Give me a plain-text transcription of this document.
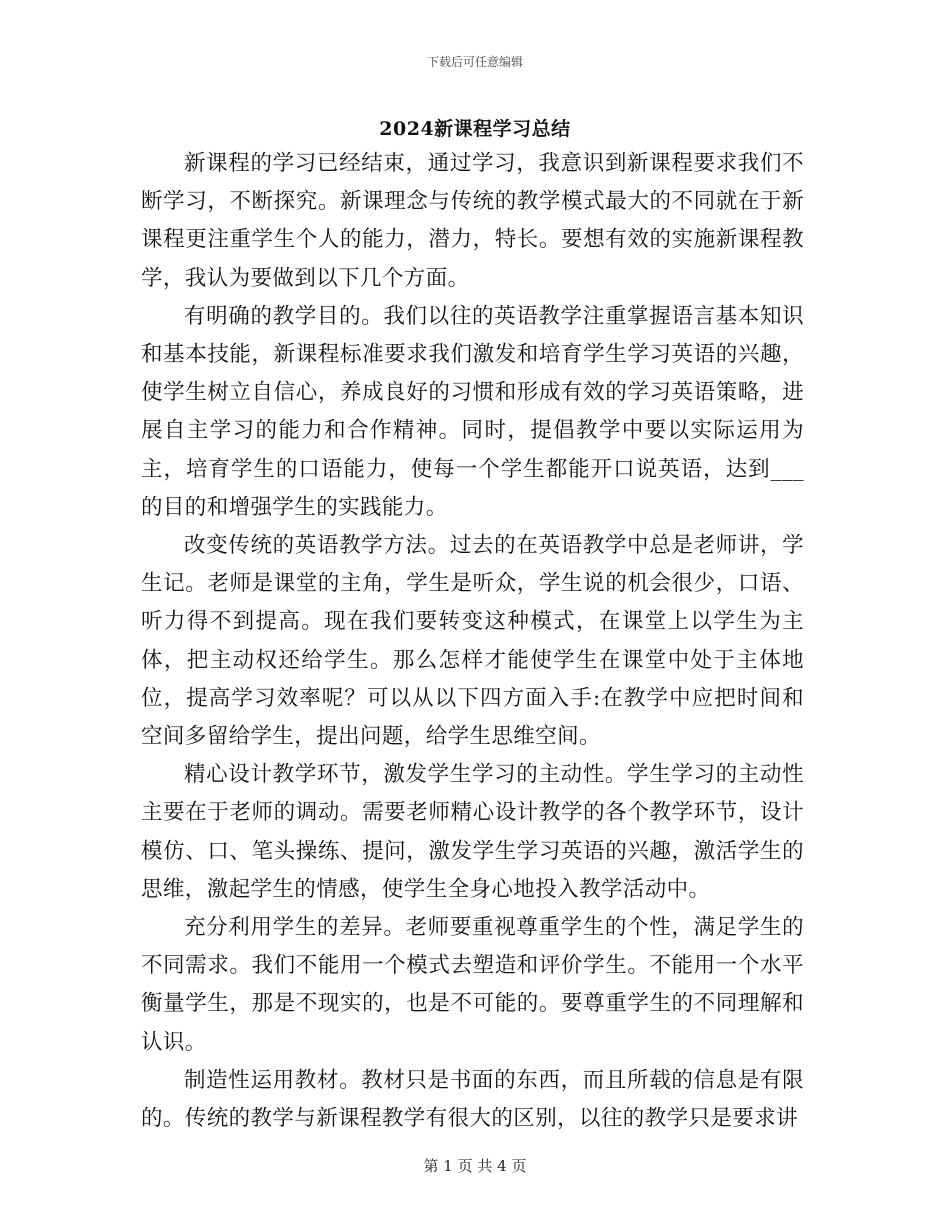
下载后可任意编辑
2024新课程学习总结

新课程的学习已经结束，通过学习，我意识到新课程要求我们不断学习，不断探究。新课理念与传统的教学模式最大的不同就在于新课程更注重学生个人的能力，潜力，特长。要想有效的实施新课程教学，我认为要做到以下几个方面。

有明确的教学目的。我们以往的英语教学注重掌握语言基本知识和基本技能，新课程标准要求我们激发和培育学生学习英语的兴趣，使学生树立自信心，养成良好的习惯和形成有效的学习英语策略，进展自主学习的能力和合作精神。同时，提倡教学中要以实际运用为主，培育学生的口语能力，使每一个学生都能开口说英语，达到___的目的和增强学生的实践能力。

改变传统的英语教学方法。过去的在英语教学中总是老师讲，学生记。老师是课堂的主角，学生是听众，学生说的机会很少，口语、听力得不到提高。现在我们要转变这种模式，在课堂上以学生为主体，把主动权还给学生。那么怎样才能使学生在课堂中处于主体地位，提高学习效率呢？可以从以下四方面入手:在教学中应把时间和空间多留给学生，提出问题，给学生思维空间。

精心设计教学环节，激发学生学习的主动性。学生学习的主动性主要在于老师的调动。需要老师精心设计教学的各个教学环节，设计模仿、口、笔头操练、提问，激发学生学习英语的兴趣，激活学生的思维，激起学生的情感，使学生全身心地投入教学活动中。

充分利用学生的差异。老师要重视尊重学生的个性，满足学生的不同需求。我们不能用一个模式去塑造和评价学生。不能用一个水平衡量学生，那是不现实的，也是不可能的。要尊重学生的不同理解和认识。

制造性运用教材。教材只是书面的东西，而且所载的信息是有限的。传统的教学与新课程教学有很大的区别，以往的教学只是要求讲

第 1 页 共 4 页
